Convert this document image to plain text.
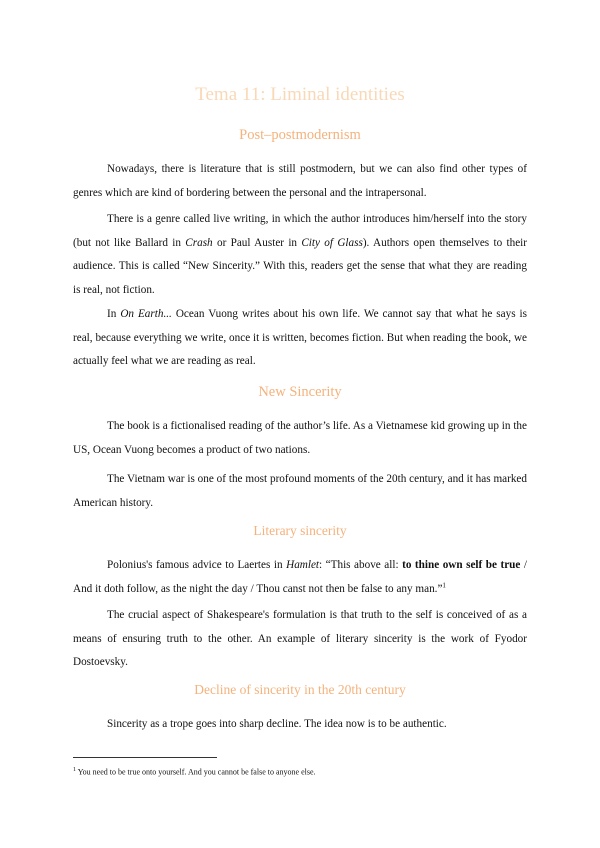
Tema 11: Liminal identities
Post–postmodernism

Nowadays, there is literature that is still postmodern, but we can also find other types of genres which are kind of bordering between the personal and the intrapersonal.

There is a genre called live writing, in which the author introduces him/herself into the story (but not like Ballard in Crash or Paul Auster in City of Glass). Authors open themselves to their audience. This is called “New Sincerity.” With this, readers get the sense that what they are reading is real, not fiction.

In On Earth... Ocean Vuong writes about his own life. We cannot say that what he says is real, because everything we write, once it is written, becomes fiction. But when reading the book, we actually feel what we are reading as real.

New Sincerity

The book is a fictionalised reading of the author’s life. As a Vietnamese kid growing up in the US, Ocean Vuong becomes a product of two nations.

The Vietnam war is one of the most profound moments of the 20th century, and it has marked American history.

Literary sincerity

Polonius's famous advice to Laertes in Hamlet: “This above all: to thine own self be true / And it doth follow, as the night the day / Thou canst not then be false to any man.”$^1$

The crucial aspect of Shakespeare's formulation is that truth to the self is conceived of as a means of ensuring truth to the other. An example of literary sincerity is the work of Fyodor Dostoevsky.

Decline of sincerity in the 20th century

Sincerity as a trope goes into sharp decline. The idea now is to be authentic.

$^1$ You need to be true onto yourself. And you cannot be false to anyone else.
